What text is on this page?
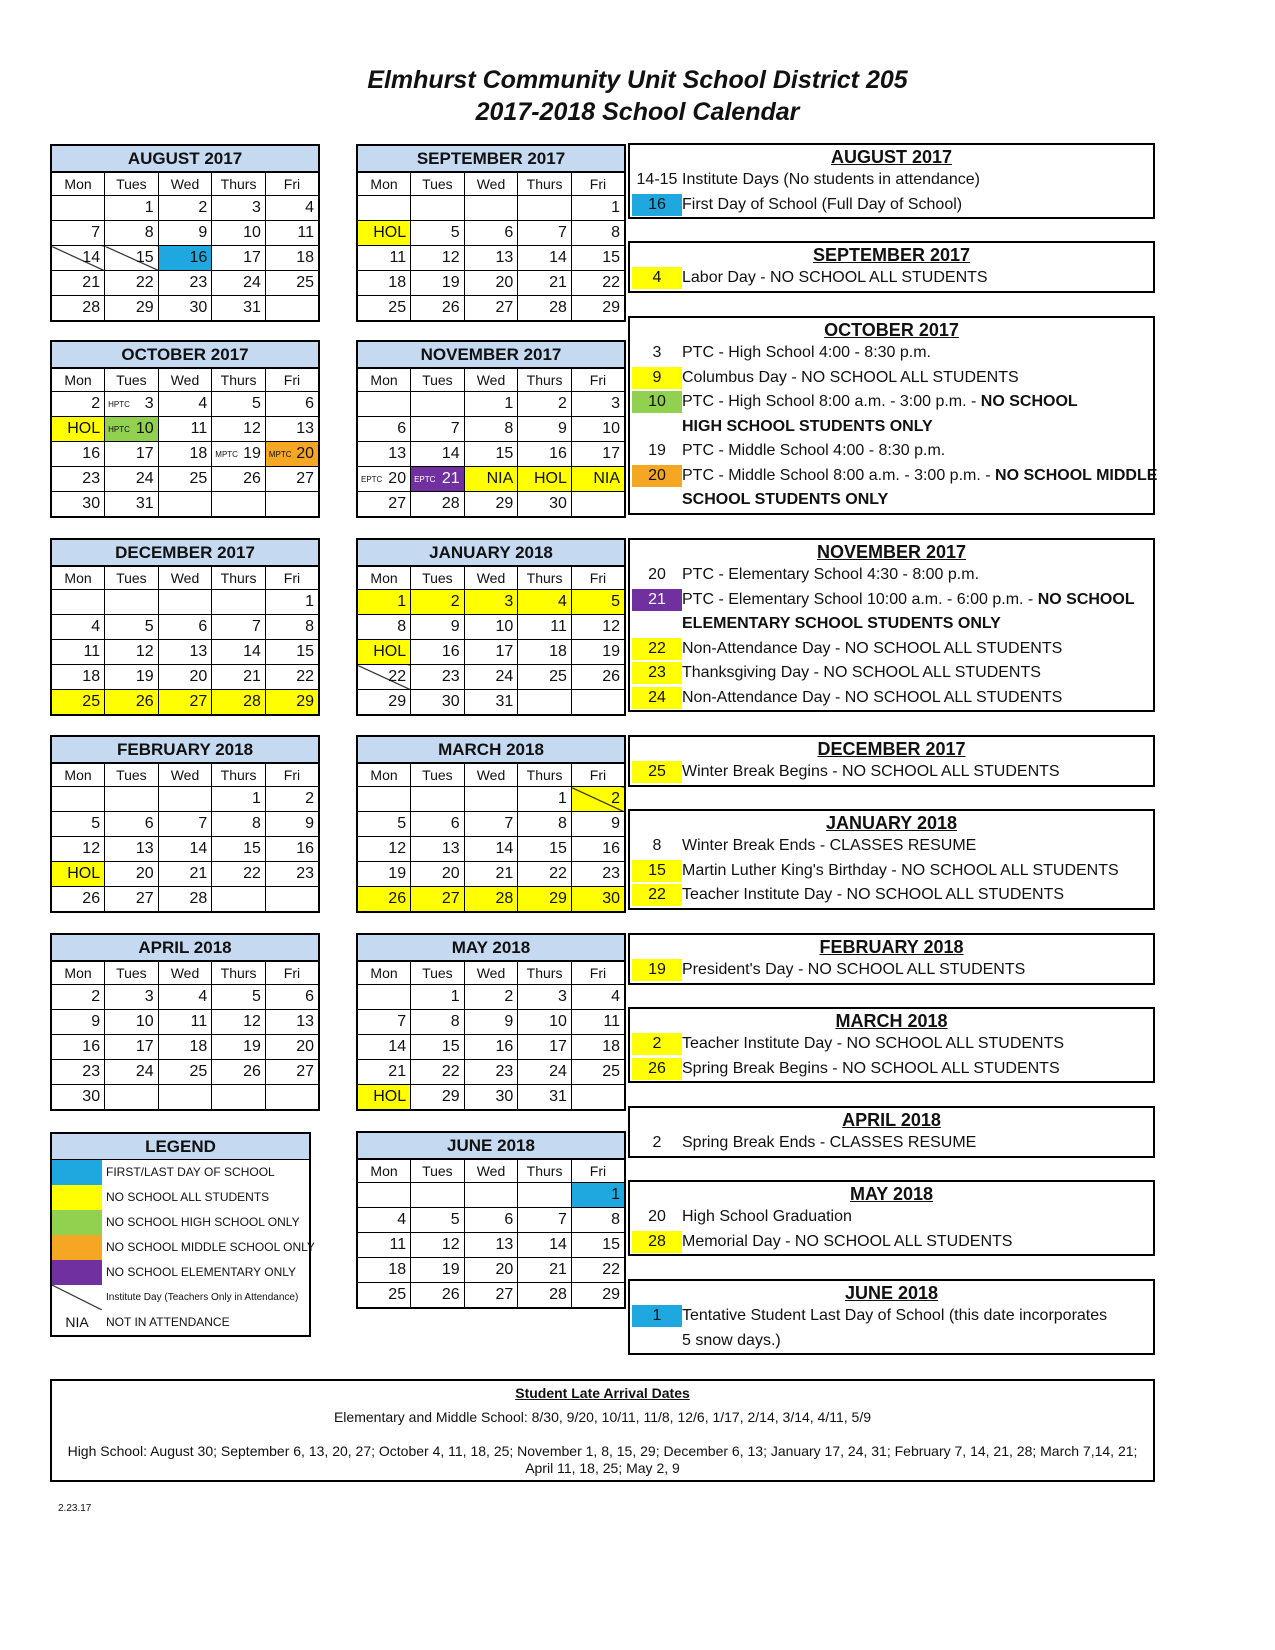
Elmhurst Community Unit School District 205
2017-2018 School Calendar
AUGUST 2017				
Mon	Tues	Wed	Thurs	Fri
	1	2	3	4
7	8	9	10	11
14	15	16	17	18
21	22	23	24	25
28	29	30	31	
SEPTEMBER 2017				
Mon	Tues	Wed	Thurs	Fri
				1
HOL	5	6	7	8
11	12	13	14	15
18	19	20	21	22
25	26	27	28	29
OCTOBER 2017				
Mon	Tues	Wed	Thurs	Fri
2	HPTC 3	4	5	6
HOL	HPTC 10	11	12	13
16	17	18	MPTC 19	MPTC 20
23	24	25	26	27
30	31			
NOVEMBER 2017				
Mon	Tues	Wed	Thurs	Fri
		1	2	3
6	7	8	9	10
13	14	15	16	17

EPTC 20	EPTC 21	NIA	HOL	NIA
27	28	29	30	
DECEMBER 2017				
Mon	Tues	Wed	Thurs	Fri
				1
4	5	6	7	8
11	12	13	14	15
18	19	20	21	22
25	26	27	28	29
JANUARY 2018				
Mon	Tues	Wed	Thurs	Fri
1	2	3	4	5
8	9	10	11	12
HOL	16	17	18	19
22	23	24	25	26
29	30	31		
FEBRUARY 2018				
Mon	Tues	Wed	Thurs	Fri
			1	2
5	6	7	8	9
12	13	14	15	16
HOL	20	21	22	23
26	27	28		
MARCH 2018				
Mon	Tues	Wed	Thurs	Fri
			1	2
5	6	7	8	9
12	13	14	15	16
19	20	21	22	23
26	27	28	29	30
APRIL 2018				
Mon	Tues	Wed	Thurs	Fri
2	3	4	5	6
9	10	11	12	13
16	17	18	19	20
23	24	25	26	27
30				
MAY 2018				
Mon	Tues	Wed	Thurs	Fri
	1	2	3	4
7	8	9	10	11
14	15	16	17	18
21	22	23	24	25
HOL	29	30	31	
JUNE 2018				
Mon	Tues	Wed	Thurs	Fri
				1
4	5	6	7	8
11	12	13	14	15
18	19	20	21	22
25	26	27	28	29
LEGEND
FIRST/LAST DAY OF SCHOOL
NO SCHOOL ALL STUDENTS
NO SCHOOL HIGH SCHOOL ONLY
NO SCHOOL MIDDLE SCHOOL ONLY
NO SCHOOL ELEMENTARY ONLY
Institute Day (Teachers Only in Attendance)
NIA	NOT IN ATTENDANCE
AUGUST 2017
14-15 Institute Days (No students in attendance)
16	First Day of School (Full Day of School)
SEPTEMBER 2017
4	Labor Day - NO SCHOOL ALL STUDENTS
OCTOBER 2017
3	PTC - High School 4:00 - 8:30 p.m.
9	Columbus Day - NO SCHOOL ALL STUDENTS
10	PTC - High School 8:00 a.m. - 3:00 p.m. - NO SCHOOL
HIGH SCHOOL STUDENTS ONLY
19	PTC - Middle School 4:00 - 8:30 p.m.
20	PTC - Middle School 8:00 a.m. - 3:00 p.m. - NO SCHOOL MIDDLE
SCHOOL STUDENTS ONLY
NOVEMBER 2017
20	PTC - Elementary School 4:30 - 8:00 p.m.
21	PTC - Elementary School 10:00 a.m. - 6:00 p.m. - NO SCHOOL
ELEMENTARY SCHOOL STUDENTS ONLY
22	Non-Attendance Day - NO SCHOOL ALL STUDENTS
23	Thanksgiving Day - NO SCHOOL ALL STUDENTS
24	Non-Attendance Day - NO SCHOOL ALL STUDENTS
DECEMBER 2017
25	Winter Break Begins - NO SCHOOL ALL STUDENTS
JANUARY 2018
8	Winter Break Ends - CLASSES RESUME
15	Martin Luther King's Birthday - NO SCHOOL ALL STUDENTS
22	Teacher Institute Day - NO SCHOOL ALL STUDENTS
FEBRUARY 2018
19	President's Day - NO SCHOOL ALL STUDENTS
MARCH 2018
2	Teacher Institute Day - NO SCHOOL ALL STUDENTS
26	Spring Break Begins - NO SCHOOL ALL STUDENTS
APRIL 2018
2	Spring Break Ends - CLASSES RESUME
MAY 2018
20	High School Graduation
28	Memorial Day - NO SCHOOL ALL STUDENTS
JUNE 2018
1	Tentative Student Last Day of School (this date incorporates
5 snow days.)
Student Late Arrival Dates
Elementary and Middle School: 8/30, 9/20, 10/11, 11/8, 12/6, 1/17, 2/14, 3/14, 4/11, 5/9
High School: August 30; September 6, 13, 20, 27; October 4, 11, 18, 25; November 1, 8, 15, 29; December 6, 13; January 17, 24, 31; February 7, 14, 21, 28; March 7,14, 21; April 11, 18, 25; May 2, 9
2.23.17
